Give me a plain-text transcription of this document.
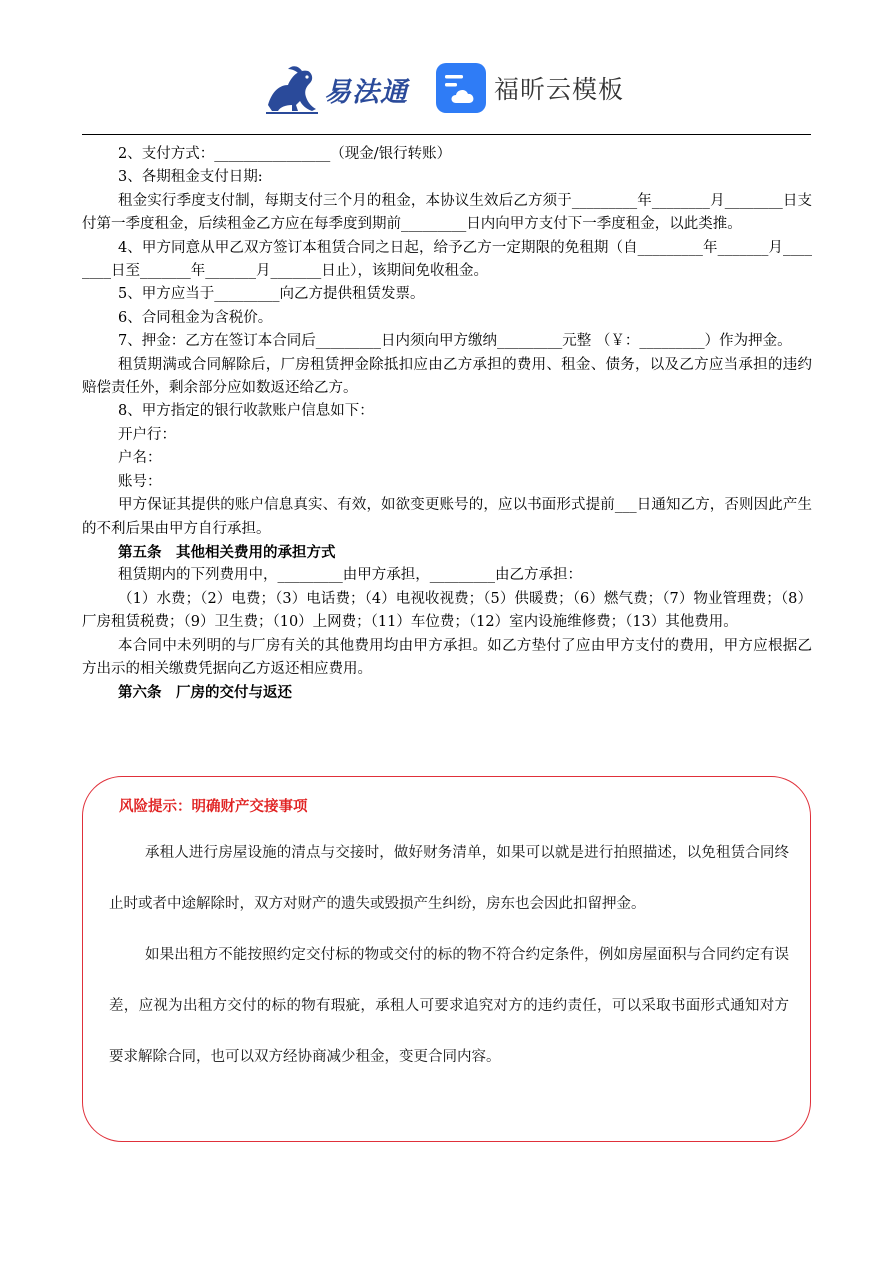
易法通	福昕云模板

2、支付方式：________________（现金/银行转账）

3、各期租金支付日期:

租金实行季度支付制，每期支付三个月的租金，本协议生效后乙方须于_________年________月________日支付第一季度租金，后续租金乙方应在每季度到期前_________日内向甲方支付下一季度租金，以此类推。

4、甲方同意从甲乙双方签订本租赁合同之日起，给予乙方一定期限的免租期（自_________年_______月________日至_______年_______月_______日止），该期间免收租金。

5、甲方应当于_________向乙方提供租赁发票。

6、合同租金为含税价。

7、押金：乙方在签订本合同后_________日内须向甲方缴纳_________元整 （￥：_________）作为押金。

租赁期满或合同解除后，厂房租赁押金除抵扣应由乙方承担的费用、租金、债务，以及乙方应当承担的违约赔偿责任外，剩余部分应如数返还给乙方。

8、甲方指定的银行收款账户信息如下：

开户行：

户名：

账号：

甲方保证其提供的账户信息真实、有效，如欲变更账号的，应以书面形式提前___日通知乙方，否则因此产生的不利后果由甲方自行承担。

第五条　其他相关费用的承担方式

租赁期内的下列费用中，_________由甲方承担，_________由乙方承担：

（1）水费；（2）电费；（3）电话费；（4）电视收视费；（5）供暖费；（6）燃气费；（7）物业管理费；（8）厂房租赁税费；（9）卫生费；（10）上网费；（11）车位费；（12）室内设施维修费；（13）其他费用。

本合同中未列明的与厂房有关的其他费用均由甲方承担。如乙方垫付了应由甲方支付的费用，甲方应根据乙方出示的相关缴费凭据向乙方返还相应费用。

第六条　厂房的交付与返还

风险提示：明确财产交接事项

承租人进行房屋设施的清点与交接时，做好财务清单，如果可以就是进行拍照描述，以免租赁合同终止时或者中途解除时，双方对财产的遗失或毁损产生纠纷，房东也会因此扣留押金。

如果出租方不能按照约定交付标的物或交付的标的物不符合约定条件，例如房屋面积与合同约定有误差，应视为出租方交付的标的物有瑕疵，承租人可要求追究对方的违约责任，可以采取书面形式通知对方要求解除合同，也可以双方经协商减少租金，变更合同内容。
